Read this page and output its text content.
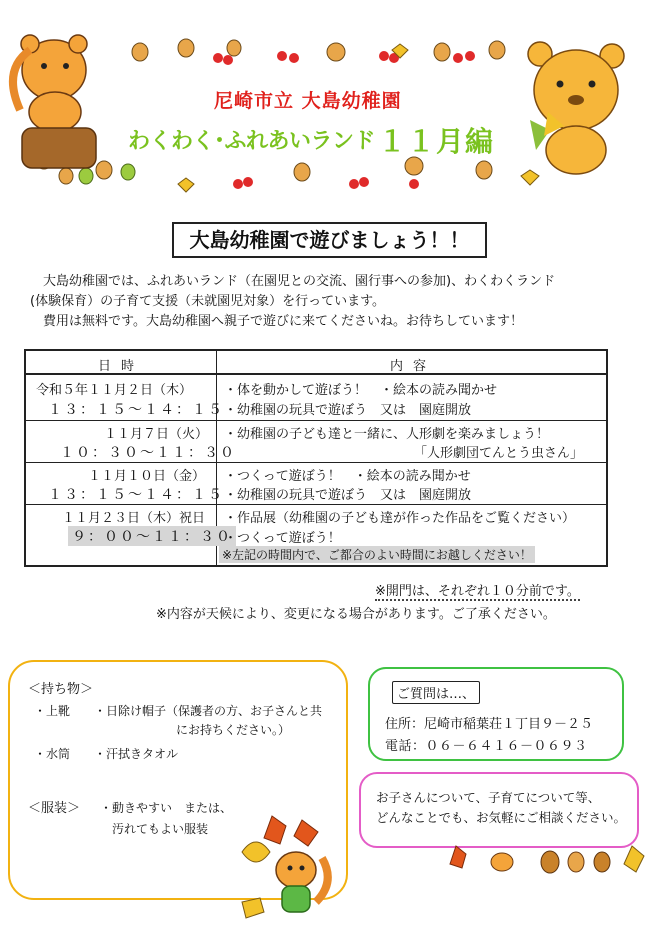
尼崎市立 大島幼稚園
わくわく･ふれあいランド １１月編
大島幼稚園で遊びましょう！！

大島幼稚園では、ふれあいランド（在園児との交流、園行事への参加)、わくわくランド

(体験保育）の子育て支援（未就園児対象）を行っています。

費用は無料です。大島幼稚園へ親子で遊びに来てくださいね。お待ちしています！

日時	内容
令和５年１１月２日（木）
１３：１５～１４：１５
・体を動かして遊ぼう！　・絵本の読み聞かせ
・幼稚園の玩具で遊ぼう　又は　園庭開放
１１月７日（火）
１０：３０～１１：３０
・幼稚園の子ども達と一緒に、人形劇を楽みましょう！
「人形劇団てんとう虫さん」
１１月１０日（金）
１３：１５～１４：１５
・つくって遊ぼう！　・絵本の読み聞かせ
・幼稚園の玩具で遊ぼう　又は　園庭開放
１１月２３日（木）祝日
９：００～１１：３０
・作品展（幼稚園の子ども達が作った作品をご覧ください）
・つくって遊ぼう！
※左記の時間内で、ご都合のよい時間にお越しください！
※開門は、それぞれ１０分前です。
※内容が天候により、変更になる場合があります。ご了承ください。
＜持ち物＞
・上靴 ・日除け帽子（保護者の方、お子さんと共
にお持ちください。）
・水筒 ・汗拭きタオル
＜服装＞ ・動きやすい　または、
汚れてもよい服装
ご質問は…、
住所：尼崎市稲葉荘１丁目９－２５
電話：０６－６４１６－０６９３
お子さんについて、子育てについて等、
どんなことでも、お気軽にご相談ください。
